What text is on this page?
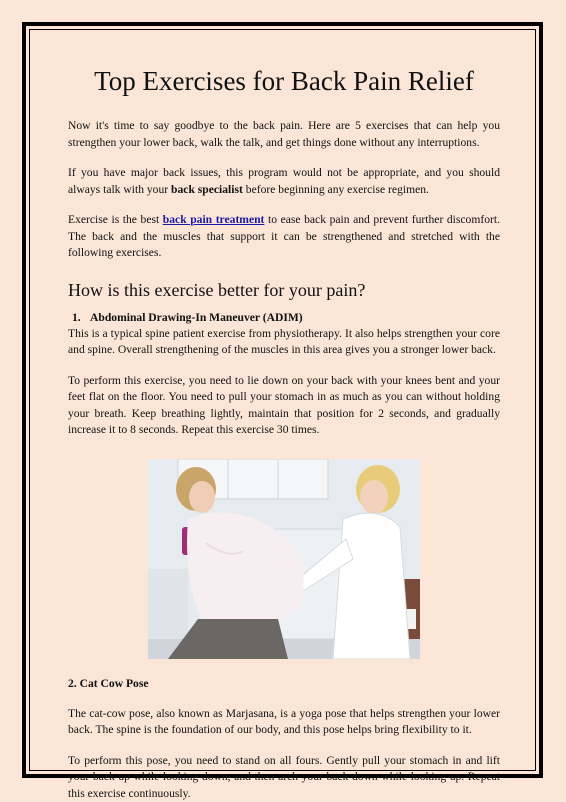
Top Exercises for Back Pain Relief

Now it's time to say goodbye to the back pain. Here are 5 exercises that can help you strengthen your lower back, walk the talk, and get things done without any interruptions.

If you have major back issues, this program would not be appropriate, and you should always talk with your back specialist before beginning any exercise regimen.

Exercise is the best back pain treatment to ease back pain and prevent further discomfort. The back and the muscles that support it can be strengthened and stretched with the following exercises.

How is this exercise better for your pain?
1. Abdominal Drawing-In Maneuver (ADIM)

This is a typical spine patient exercise from physiotherapy. It also helps strengthen your core and spine. Overall strengthening of the muscles in this area gives you a stronger lower back.

To perform this exercise, you need to lie down on your back with your knees bent and your feet flat on the floor. You need to pull your stomach in as much as you can without holding your breath. Keep breathing lightly, maintain that position for 2 seconds, and gradually increase it to 8 seconds. Repeat this exercise 30 times.

2. Cat Cow Pose

The cat-cow pose, also known as Marjasana, is a yoga pose that helps strengthen your lower back. The spine is the foundation of our body, and this pose helps bring flexibility to it.

To perform this pose, you need to stand on all fours. Gently pull your stomach in and lift your back up while looking down, and then arch your back down while looking up. Repeat this exercise continuously.
